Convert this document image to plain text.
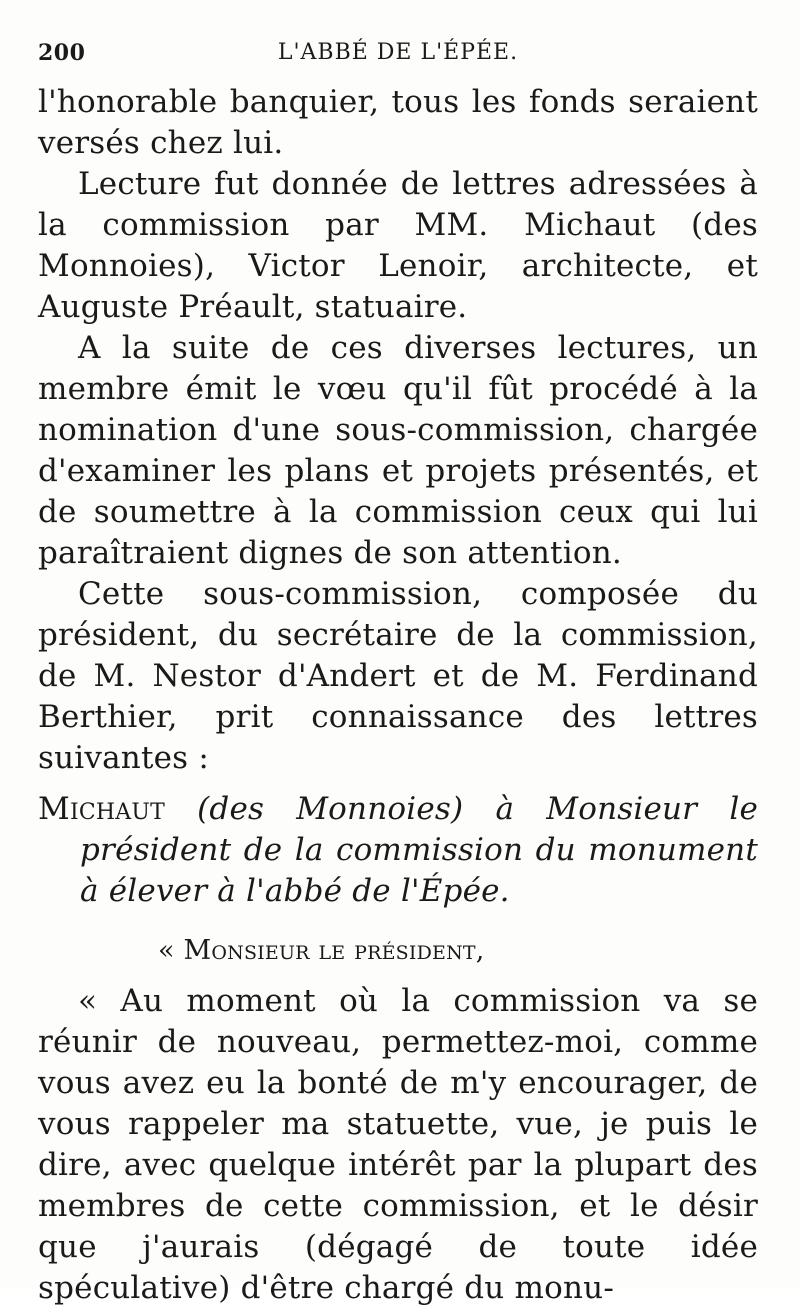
200	L'ABBÉ DE L'ÉPÉE.

l'honorable banquier, tous les fonds seraient versés chez lui.

Lecture fut donnée de lettres adressées à la commission par MM. Michaut (des Monnoies), Victor Lenoir, architecte, et Auguste Préault, statuaire.

A la suite de ces diverses lectures, un membre émit le vœu qu'il fût procédé à la nomination d'une sous-commission, chargée d'examiner les plans et projets présentés, et de soumettre à la commission ceux qui lui paraîtraient dignes de son attention.

Cette sous-commission, composée du président, du secrétaire de la commission, de M. Nestor d'Andert et de M. Ferdinand Berthier, prit connaissance des lettres suivantes :

Michaut (des Monnoies) à Monsieur le président de la commission du monument à élever à l'abbé de l'Épée.

« Monsieur le président,

« Au moment où la commission va se réunir de nouveau, permettez-moi, comme vous avez eu la bonté de m'y encourager, de vous rappeler ma statuette, vue, je puis le dire, avec quelque intérêt par la plupart des membres de cette commission, et le désir que j'aurais (dégagé de toute idée spéculative) d'être chargé du monu-
